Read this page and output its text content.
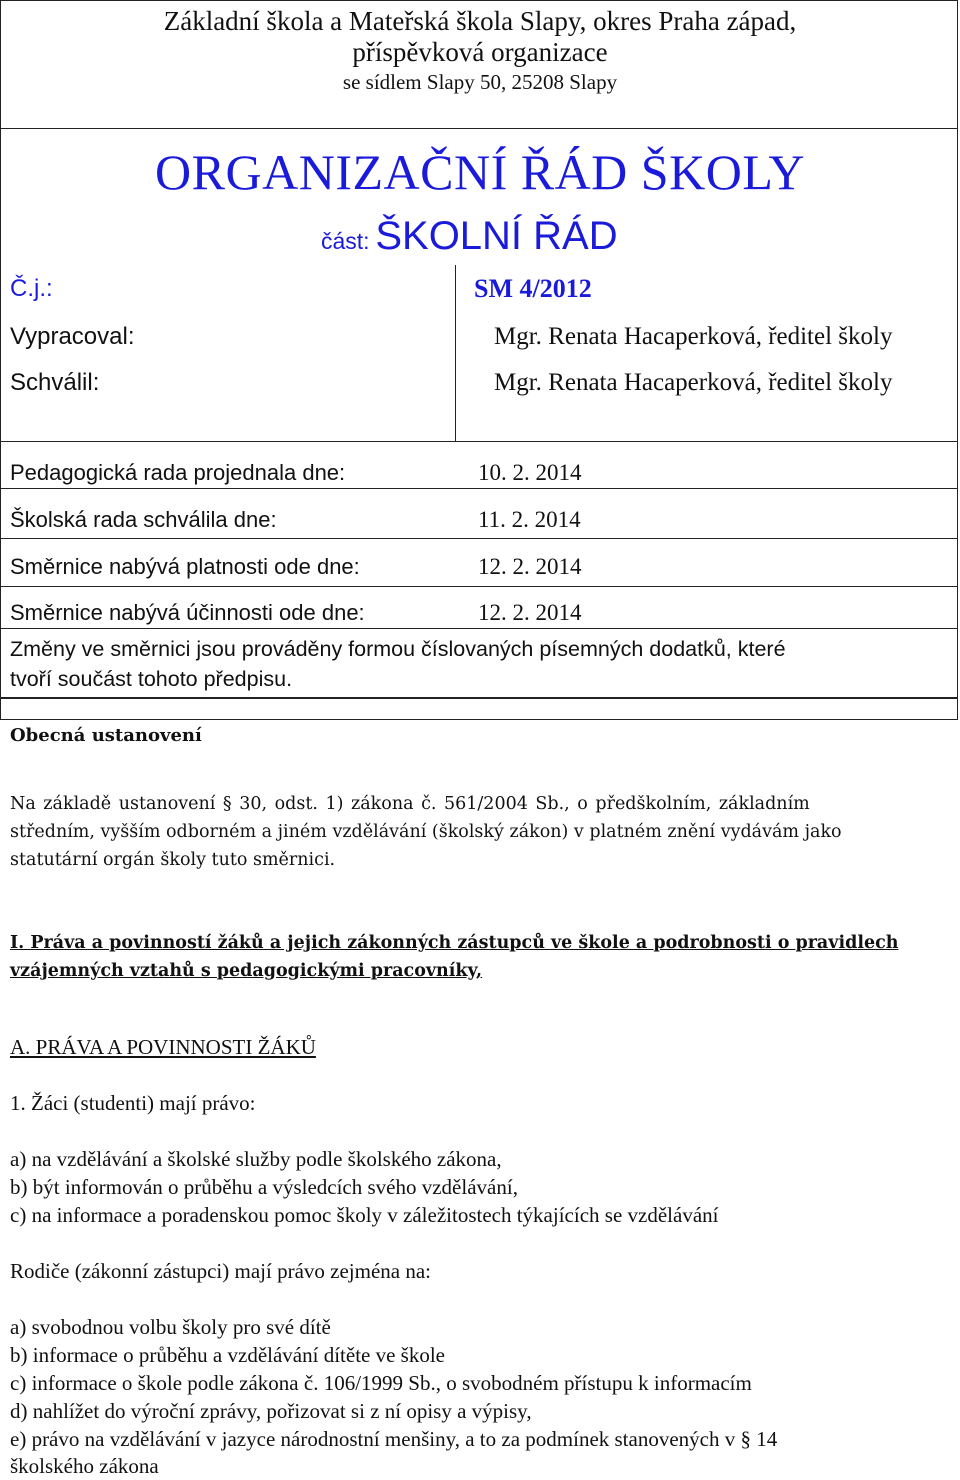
Základní škola a Mateřská škola Slapy, okres Praha západ,
příspěvková organizace
se sídlem Slapy 50, 25208 Slapy
ORGANIZAČNÍ ŘÁD ŠKOLY
část: ŠKOLNÍ ŘÁD
Č.j.:	SM 4/2012
Vypracoval:	Mgr. Renata Hacaperková, ředitel školy
Schválil:	Mgr. Renata Hacaperková, ředitel školy
Pedagogická rada projednala dne:	10. 2. 2014
Školská rada schválila dne:	11. 2. 2014
Směrnice nabývá platnosti ode dne:	12. 2. 2014
Směrnice nabývá účinnosti ode dne:	12. 2. 2014
Změny ve směrnici jsou prováděny formou číslovaných písemných dodatků, které
tvoří součást tohoto předpisu.
Obecná ustanovení
Na základě ustanovení § 30, odst. 1) zákona č. 561/2004 Sb., o předškolním, základním
středním, vyšším odborném a jiném vzdělávání (školský zákon) v platném znění vydávám jako
statutární orgán školy tuto směrnici.
I. Práva a povinností žáků a jejich zákonných zástupců ve škole a podrobnosti o pravidlech
vzájemných vztahů s pedagogickými pracovníky,
A. PRÁVA A POVINNOSTI ŽÁKŮ
1. Žáci (studenti) mají právo:
a) na vzdělávání a školské služby podle školského zákona,
b) být informován o průběhu a výsledcích svého vzdělávání,
c) na informace a poradenskou pomoc školy v záležitostech týkajících se vzdělávání
Rodiče (zákonní zástupci) mají právo zejména na:
a) svobodnou volbu školy pro své dítě
b) informace o průběhu a vzdělávání dítěte ve škole
c) informace o škole podle zákona č. 106/1999 Sb., o svobodném přístupu k informacím
d) nahlížet do výroční zprávy, pořizovat si z ní opisy a výpisy,
e) právo na vzdělávání v jazyce národnostní menšiny, a to za podmínek stanovených v § 14
školského zákona
